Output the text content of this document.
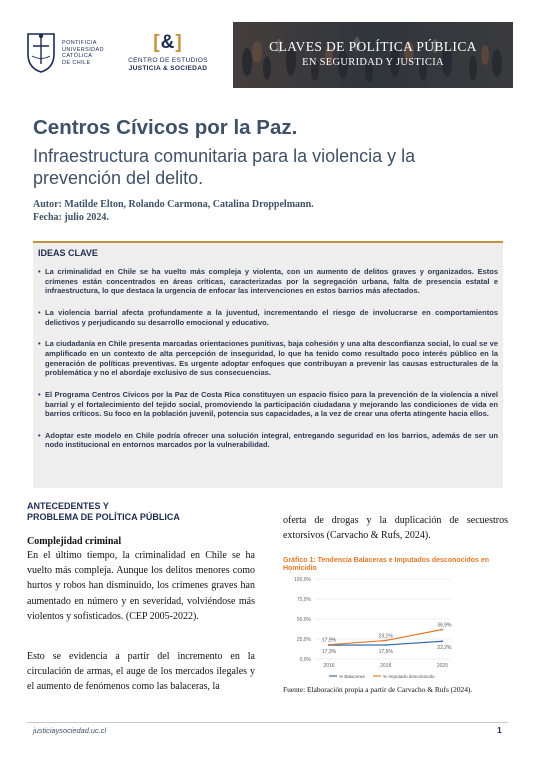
PONTIFICIA
UNIVERSIDAD
CATÓLICA
DE CHILE
[&]
CENTRO DE ESTUDIOS
JUSTICIA & SOCIEDAD
CLAVES DE POLÍTICA PÚBLICA
EN SEGURIDAD Y JUSTICIA
Centros Cívicos por la Paz.
Infraestructura comunitaria para la violencia y la prevención del delito.
Autor: Matilde Elton, Rolando Carmona, Catalina Droppelmann.
Fecha: julio 2024.
IDEAS CLAVE
• La criminalidad en Chile se ha vuelto más compleja y violenta, con un aumento de delitos graves y organizados. Estos crímenes están concentrados en áreas críticas, caracterizadas por la segregación urbana, falta de presencia estatal e infraestructura, lo que destaca la urgencia de enfocar las intervenciones en estos barrios más afectados.
• La violencia barrial afecta profundamente a la juventud, incrementando el riesgo de involucrarse en comportamientos delictivos y perjudicando su desarrollo emocional y educativo.
• La ciudadanía en Chile presenta marcadas orientaciones punitivas, baja cohesión y una alta desconfianza social, lo cual se ve amplificado en un contexto de alta percepción de inseguridad, lo que ha tenido como resultado poco interés público en la generación de políticas preventivas. Es urgente adoptar enfoques que contribuyan a prevenir las causas estructurales de la problemática y no el abordaje exclusivo de sus consecuencias.
• El Programa Centros Cívicos por la Paz de Costa Rica constituyen un espacio físico para la prevención de la violencia a nivel barrial y el fortalecimiento del tejido social, promoviendo la participación ciudadana y mejorando las condiciones de vida en barrios críticos. Su foco en la población juvenil, potencia sus capacidades, a la vez de crear una oferta atingente hacia ellos.
• Adoptar este modelo en Chile podría ofrecer una solución integral, entregando seguridad en los barrios, además de ser un nodo institucional en entornos marcados por la vulnerabilidad.
ANTECEDENTES Y
PROBLEMA DE POLÍTICA PÚBLICA
Complejidad criminal
En el último tiempo, la criminalidad en Chile se ha vuelto más compleja. Aunque los delitos menores como hurtos y robos han disminuido, los crímenes graves han aumentado en número y en severidad, volviéndose más violentos y sofisticados. (CEP 2005-2022).
Esto se evidencia a partir del incremento en la circulación de armas, el auge de los mercados ilegales y el aumento de fenómenos como las balaceras, la
oferta de drogas y la duplicación de secuestros extorsivos (Carvacho & Rufs, 2024).
Gráfico 1: Tendencia Balaceras e Imputados desconocidos en Homicidio
0,0%
25,0%
50,0%
75,0%
100,0%
2016	2018	2020
17,3%	17,5%
22,2%
17,9%
23,1%
36,9%
% Balaceras	% Imputado desconocido
Fuente: Elaboración propia a partir de Carvacho & Rufs (2024).
justiciaysociedad.uc.cl	1
